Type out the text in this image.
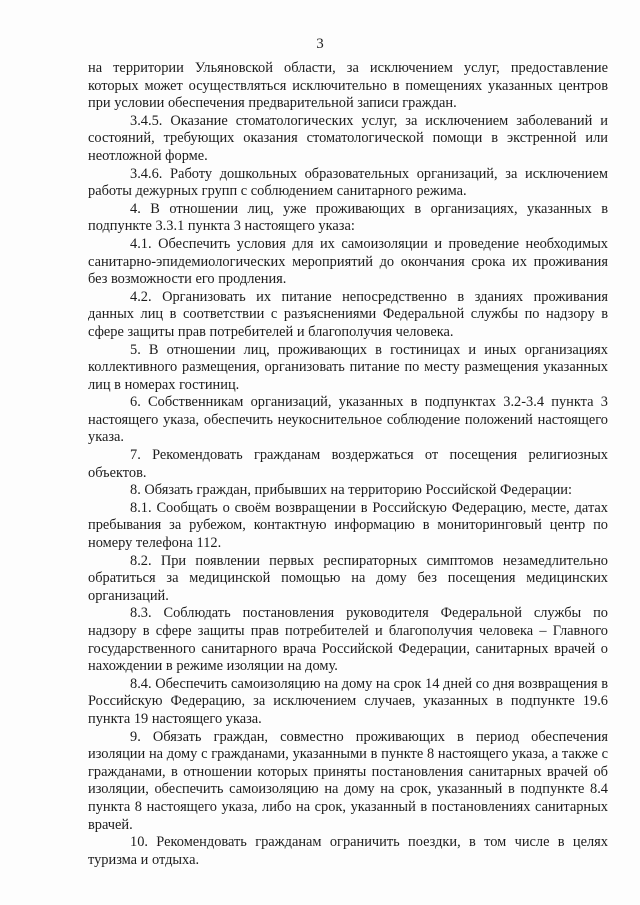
3

на территории Ульяновской области, за исключением услуг, предоставление которых может осуществляться исключительно в помещениях указанных центров при условии обеспечения предварительной записи граждан.

3.4.5. Оказание стоматологических услуг, за исключением заболеваний и состояний, требующих оказания стоматологической помощи в экстренной или неотложной форме.

3.4.6. Работу дошкольных образовательных организаций, за исключением работы дежурных групп с соблюдением санитарного режима.

4. В отношении лиц, уже проживающих в организациях, указанных в подпункте 3.3.1 пункта 3 настоящего указа:

4.1. Обеспечить условия для их самоизоляции и проведение необходимых санитарно-эпидемиологических мероприятий до окончания срока их проживания без возможности его продления.

4.2. Организовать их питание непосредственно в зданиях проживания данных лиц в соответствии с разъяснениями Федеральной службы по надзору в сфере защиты прав потребителей и благополучия человека.

5. В отношении лиц, проживающих в гостиницах и иных организациях коллективного размещения, организовать питание по месту размещения указанных лиц в номерах гостиниц.

6. Собственникам организаций, указанных в подпунктах 3.2-3.4 пункта 3 настоящего указа, обеспечить неукоснительное соблюдение положений настоящего указа.

7. Рекомендовать гражданам воздержаться от посещения религиозных объектов.

8. Обязать граждан, прибывших на территорию Российской Федерации:

8.1. Сообщать о своём возвращении в Российскую Федерацию, месте, датах пребывания за рубежом, контактную информацию в мониторинговый центр по номеру телефона 112.

8.2. При появлении первых респираторных симптомов незамедлительно обратиться за медицинской помощью на дому без посещения медицинских организаций.

8.3. Соблюдать постановления руководителя Федеральной службы по надзору в сфере защиты прав потребителей и благополучия человека – Главного государственного санитарного врача Российской Федерации, санитарных врачей о нахождении в режиме изоляции на дому.

8.4. Обеспечить самоизоляцию на дому на срок 14 дней со дня возвращения в Российскую Федерацию, за исключением случаев, указанных в подпункте 19.6 пункта 19 настоящего указа.

9. Обязать граждан, совместно проживающих в период обеспечения изоляции на дому с гражданами, указанными в пункте 8 настоящего указа, а также с гражданами, в отношении которых приняты постановления санитарных врачей об изоляции, обеспечить самоизоляцию на дому на срок, указанный в подпункте 8.4 пункта 8 настоящего указа, либо на срок, указанный в постановлениях санитарных врачей.

10. Рекомендовать гражданам ограничить поездки, в том числе в целях туризма и отдыха.
